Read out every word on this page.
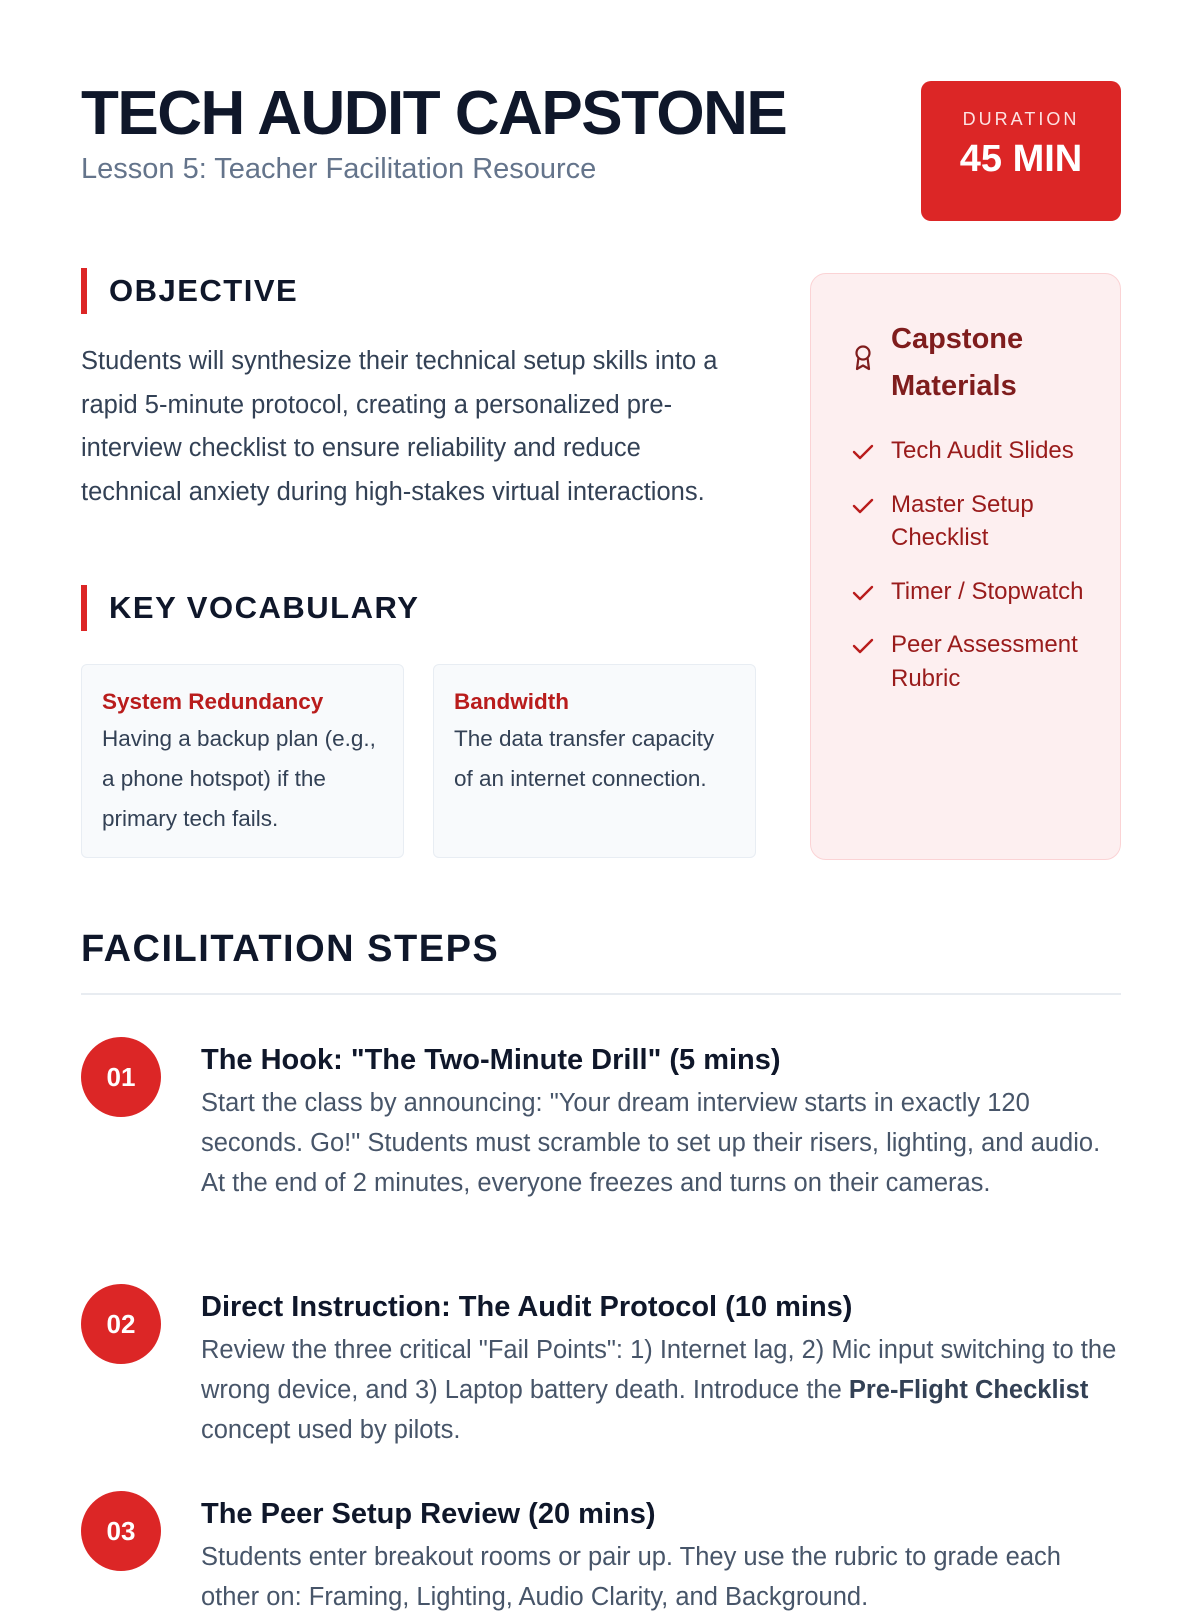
TECH AUDIT CAPSTONE

Lesson 5: Teacher Facilitation Resource

DURATION
45 MIN
OBJECTIVE

Students will synthesize their technical setup skills into a rapid 5-minute protocol, creating a personalized pre-interview checklist to ensure reliability and reduce technical anxiety during high-stakes virtual interactions.

KEY VOCABULARY
System Redundancy
Having a backup plan (e.g., a phone hotspot) if the primary tech fails.
Bandwidth
The data transfer capacity of an internet connection.
Capstone Materials
Tech Audit Slides
Master Setup Checklist
Timer / Stopwatch
Peer Assessment Rubric
FACILITATION STEPS
01
The Hook: "The Two-Minute Drill" (5 mins)
Start the class by announcing: "Your dream interview starts in exactly 120 seconds. Go!" Students must scramble to set up their risers, lighting, and audio. At the end of 2 minutes, everyone freezes and turns on their cameras.
02
Direct Instruction: The Audit Protocol (10 mins)
Review the three critical "Fail Points": 1) Internet lag, 2) Mic input switching to the wrong device, and 3) Laptop battery death. Introduce the Pre-Flight Checklist concept used by pilots.
03
The Peer Setup Review (20 mins)
Students enter breakout rooms or pair up. They use the rubric to grade each other on: Framing, Lighting, Audio Clarity, and Background.
